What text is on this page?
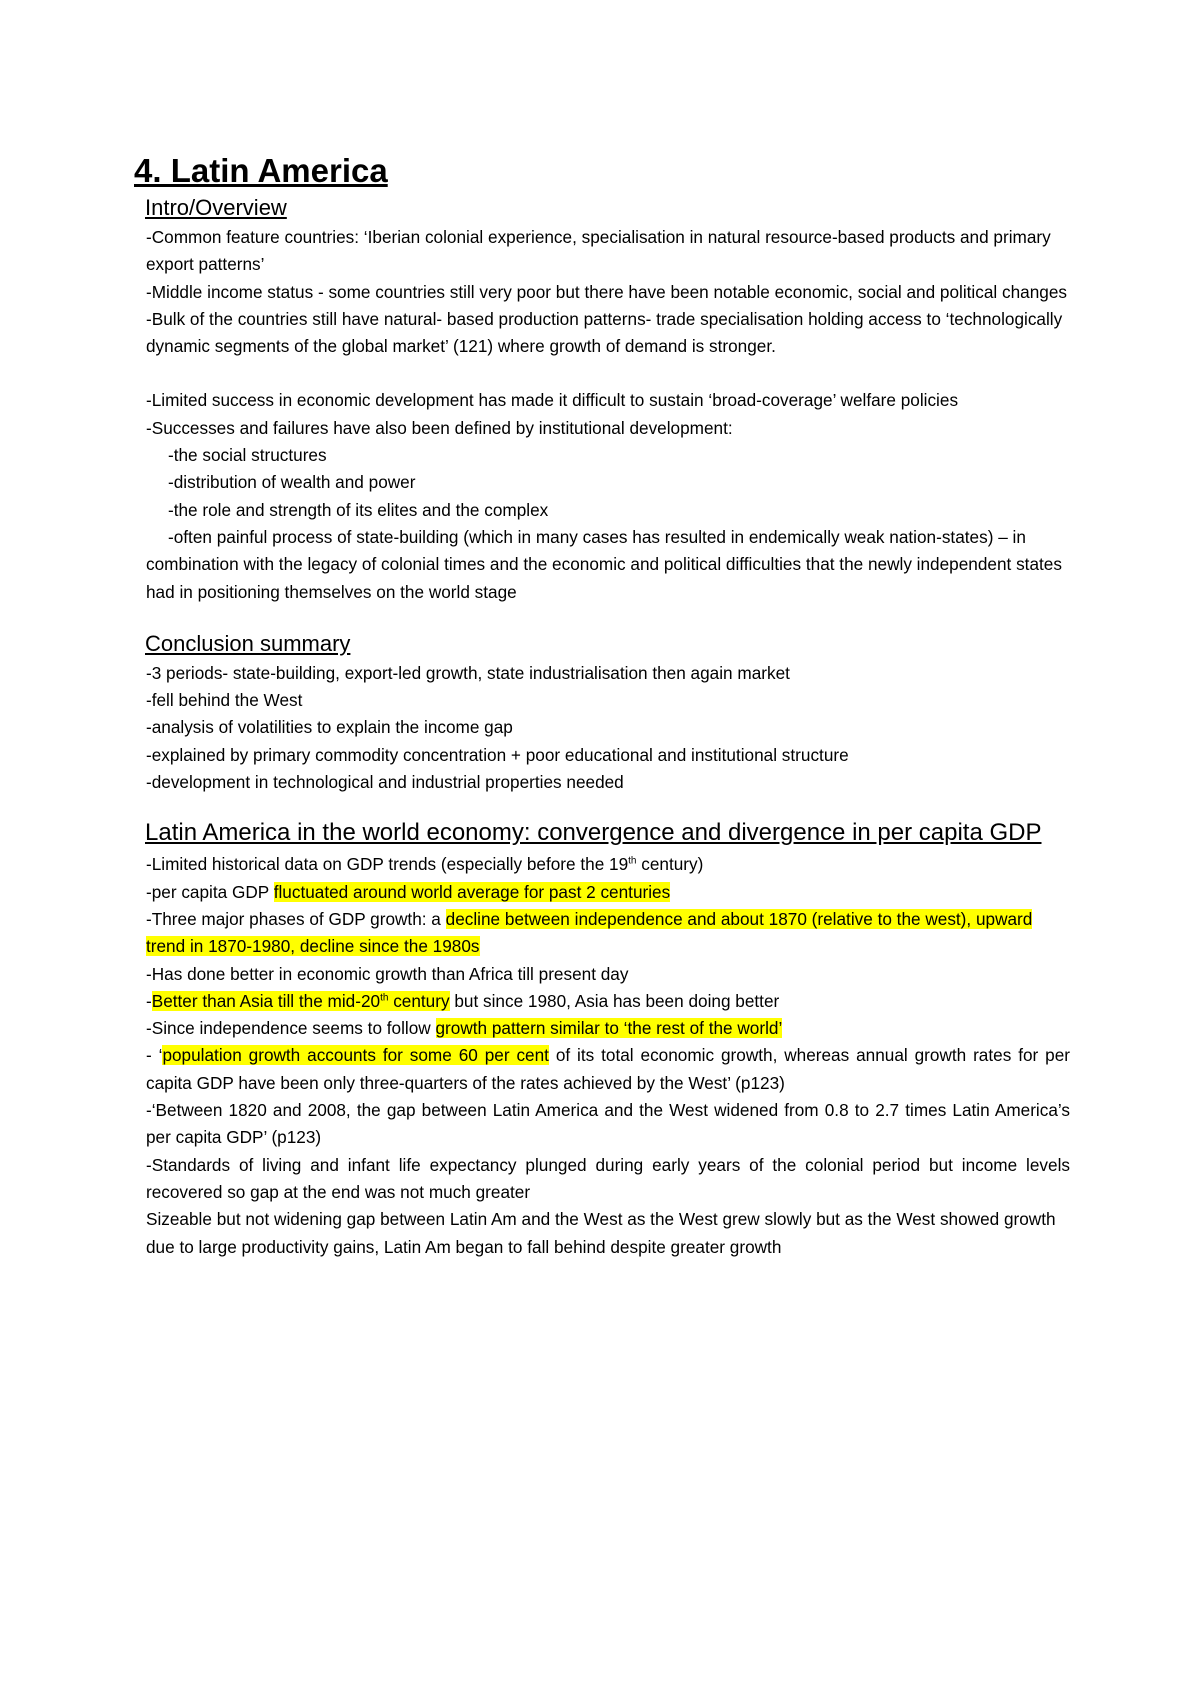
4. Latin America
Intro/Overview

-Common feature countries: ‘Iberian colonial experience, specialisation in natural resource-based products and primary export patterns’

-Middle income status - some countries still very poor but there have been notable economic, social and political changes

-Bulk of the countries still have natural- based production patterns- trade specialisation holding access to ‘technologically dynamic segments of the global market’ (121) where growth of demand is stronger.

-Limited success in economic development has made it difficult to sustain ‘broad-coverage’ welfare policies

-Successes and failures have also been defined by institutional development:

-the social structures

-distribution of wealth and power

-the role and strength of its elites and the complex

-often painful process of state-building (which in many cases has resulted in endemically weak nation-states) – in combination with the legacy of colonial times and the economic and political difficulties that the newly independent states had in positioning themselves on the world stage

Conclusion summary

-3 periods- state-building, export-led growth, state industrialisation then again market

-fell behind the West

-analysis of volatilities to explain the income gap

-explained by primary commodity concentration + poor educational and institutional structure

-development in technological and industrial properties needed

Latin America in the world economy: convergence and divergence in per capita GDP

-Limited historical data on GDP trends (especially before the 19th century)

-per capita GDP fluctuated around world average for past 2 centuries

-Three major phases of GDP growth: a decline between independence and about 1870 (relative to the west), upward trend in 1870-1980, decline since the 1980s

-Has done better in economic growth than Africa till present day

-Better than Asia till the mid-20th century but since 1980, Asia has been doing better

-Since independence seems to follow growth pattern similar to ‘the rest of the world’

- ‘population growth accounts for some 60 per cent of its total economic growth, whereas annual growth rates for per capita GDP have been only three-quarters of the rates achieved by the West’ (p123)

-‘Between 1820 and 2008, the gap between Latin America and the West widened from 0.8 to 2.7 times Latin America’s per capita GDP’ (p123)

-Standards of living and infant life expectancy plunged during early years of the colonial period but income levels recovered so gap at the end was not much greater

Sizeable but not widening gap between Latin Am and the West as the West grew slowly but as the West showed growth due to large productivity gains, Latin Am began to fall behind despite greater growth
